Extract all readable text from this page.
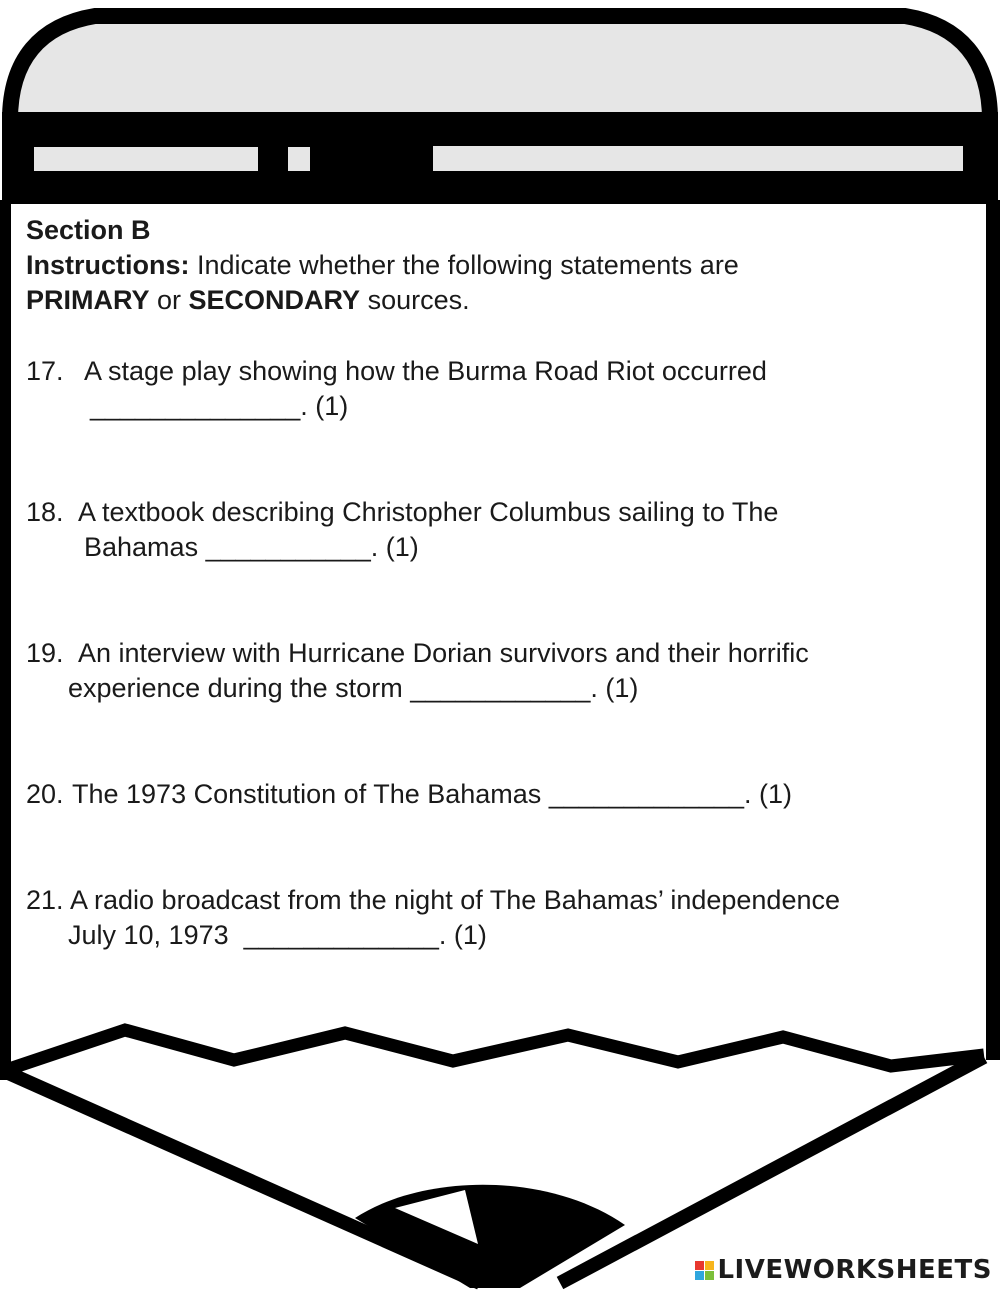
Section B

Instructions: Indicate whether the following statements are
PRIMARY or SECONDARY sources.

17. A stage play showing how the Burma Road Riot occurred
______________. (1)
18. A textbook describing Christopher Columbus sailing to The
Bahamas ___________. (1)
19. An interview with Hurricane Dorian survivors and their horrific
experience during the storm ____________. (1)
20. The 1973 Constitution of The Bahamas _____________. (1)
21. A radio broadcast from the night of The Bahamas’ independence
July 10, 1973  _____________. (1)
LIVEWORKSHEETS
